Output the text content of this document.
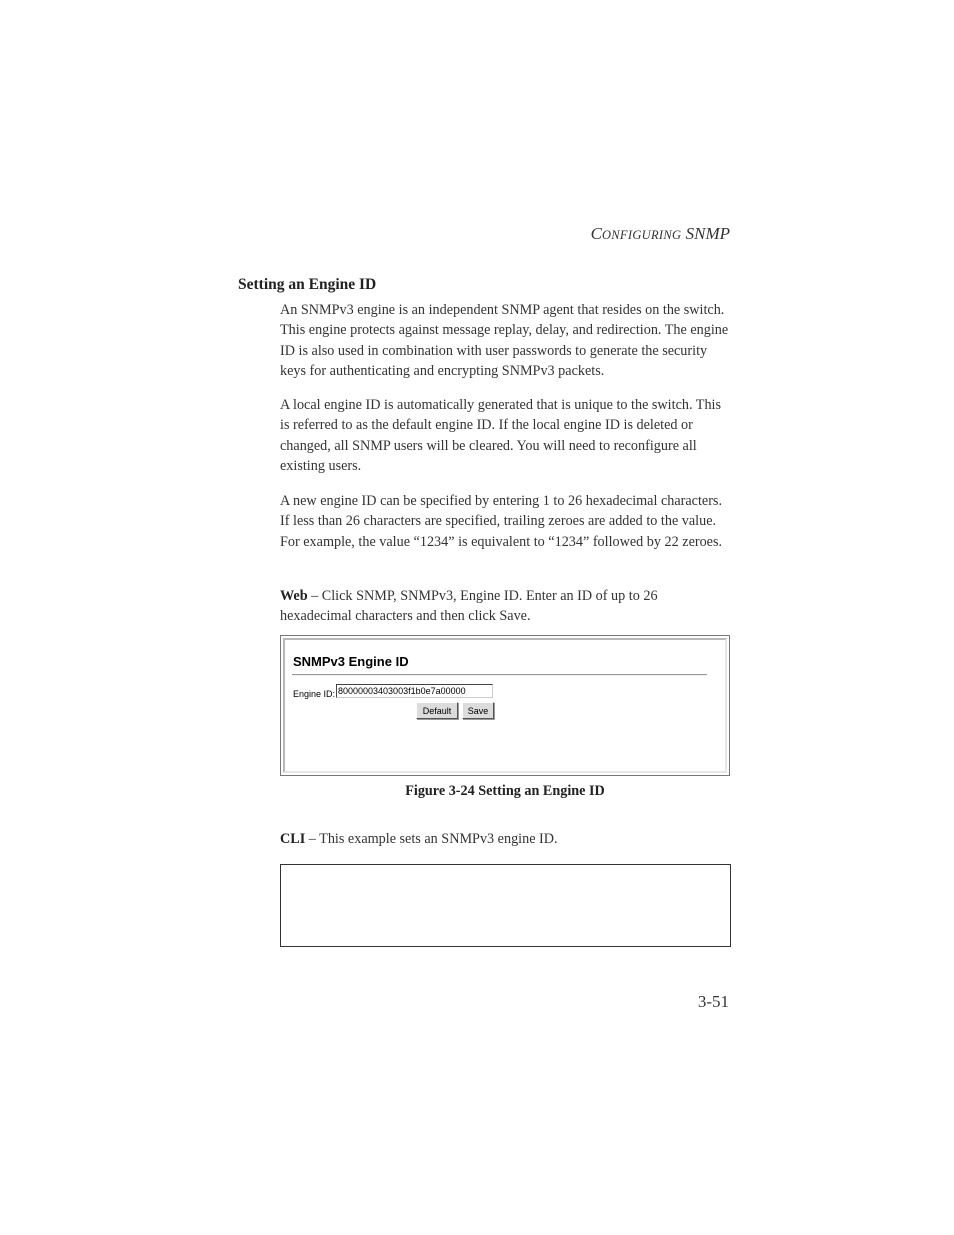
CONFIGURING SNMP
Setting an Engine ID

An SNMPv3 engine is an independent SNMP agent that resides on the switch. This engine protects against message replay, delay, and redirection. The engine ID is also used in combination with user passwords to generate the security keys for authenticating and encrypting SNMPv3 packets.

A local engine ID is automatically generated that is unique to the switch. This is referred to as the default engine ID. If the local engine ID is deleted or changed, all SNMP users will be cleared. You will need to reconfigure all existing users.

A new engine ID can be specified by entering 1 to 26 hexadecimal characters. If less than 26 characters are specified, trailing zeroes are added to the value. For example, the value “1234” is equivalent to “1234” followed by 22 zeroes.

Web – Click SNMP, SNMPv3, Engine ID. Enter an ID of up to 26 hexadecimal characters and then click Save.

SNMPv3 Engine ID
Engine ID:
80000003403003f1b0e7a00000
Default	Save
Figure 3-24 Setting an Engine ID

CLI – This example sets an SNMPv3 engine ID.

3-51
